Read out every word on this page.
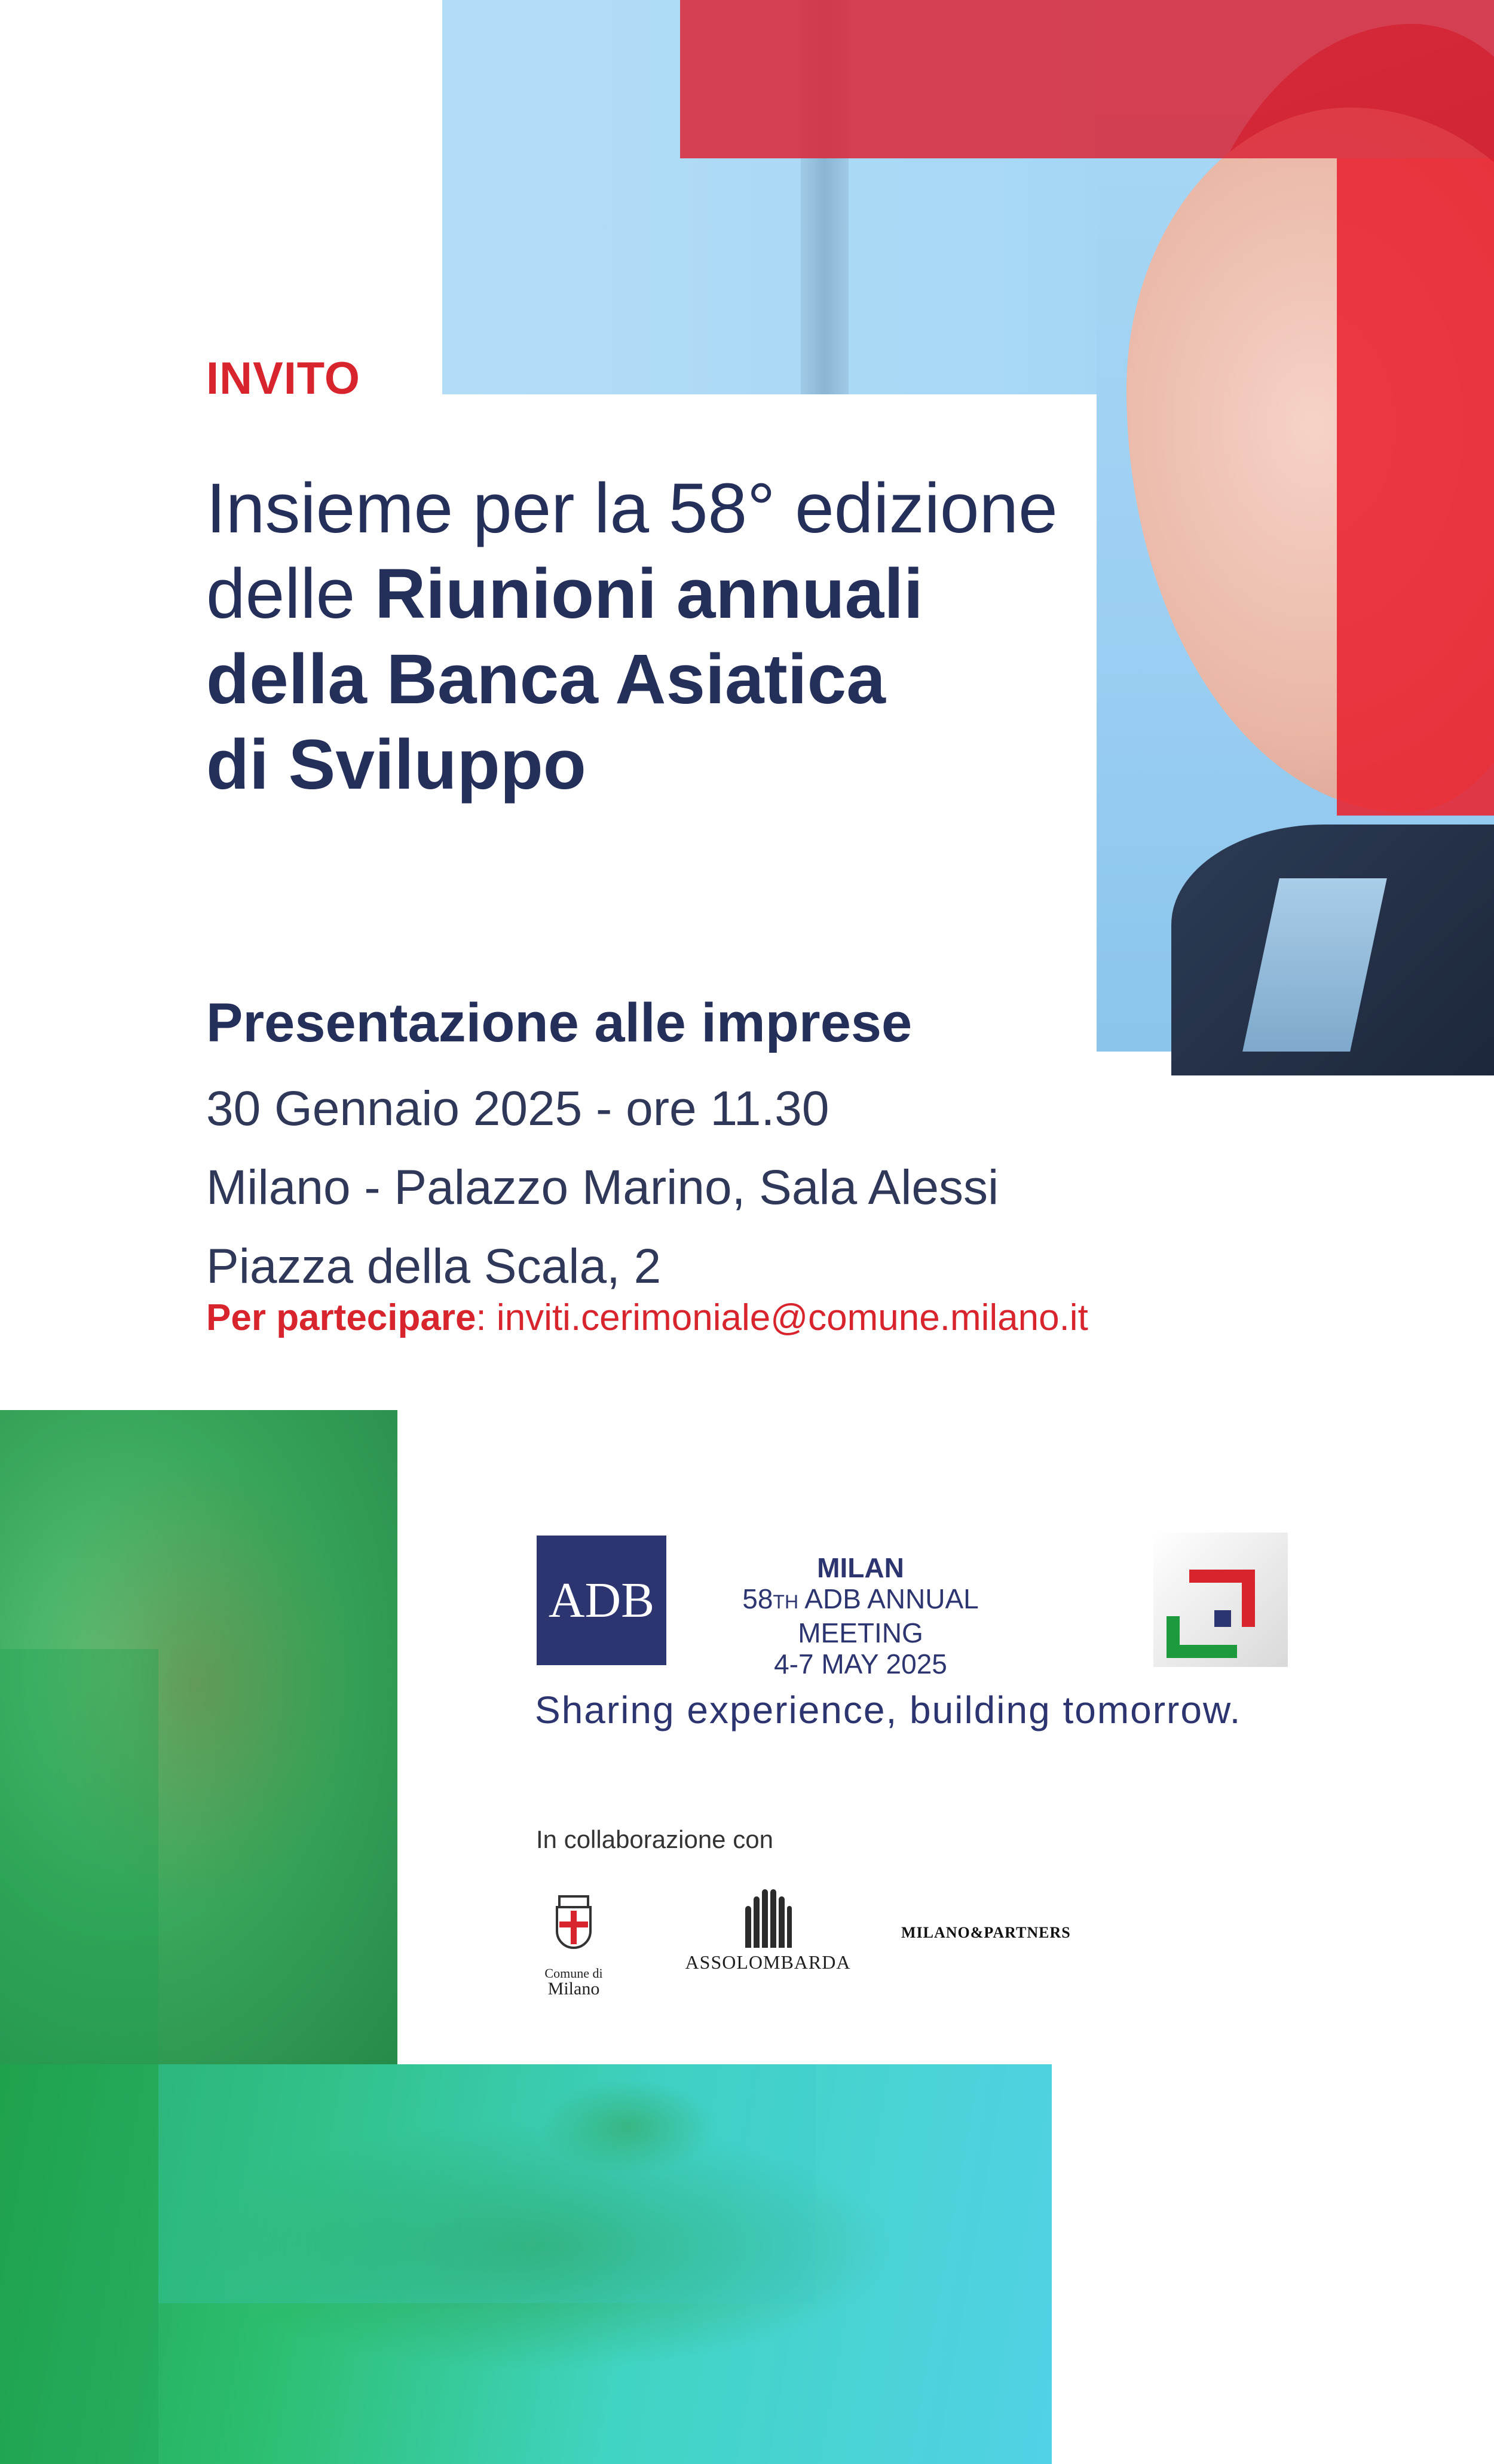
INVITO
Insieme per la 58° edizione
delle Riunioni annuali
della Banca Asiatica
di Sviluppo
Presentazione alle imprese
30 Gennaio 2025 - ore 11.30
Milano - Palazzo Marino, Sala Alessi
Piazza della Scala, 2
Per partecipare: inviti.cerimoniale@comune.milano.it
ADB
MILAN
58TH ADB ANNUAL MEETING
4-7 MAY 2025
Sharing experience, building tomorrow.
In collaborazione con
Comune di
Milano
ASSOLOMBARDA
MILANO&PARTNERS
